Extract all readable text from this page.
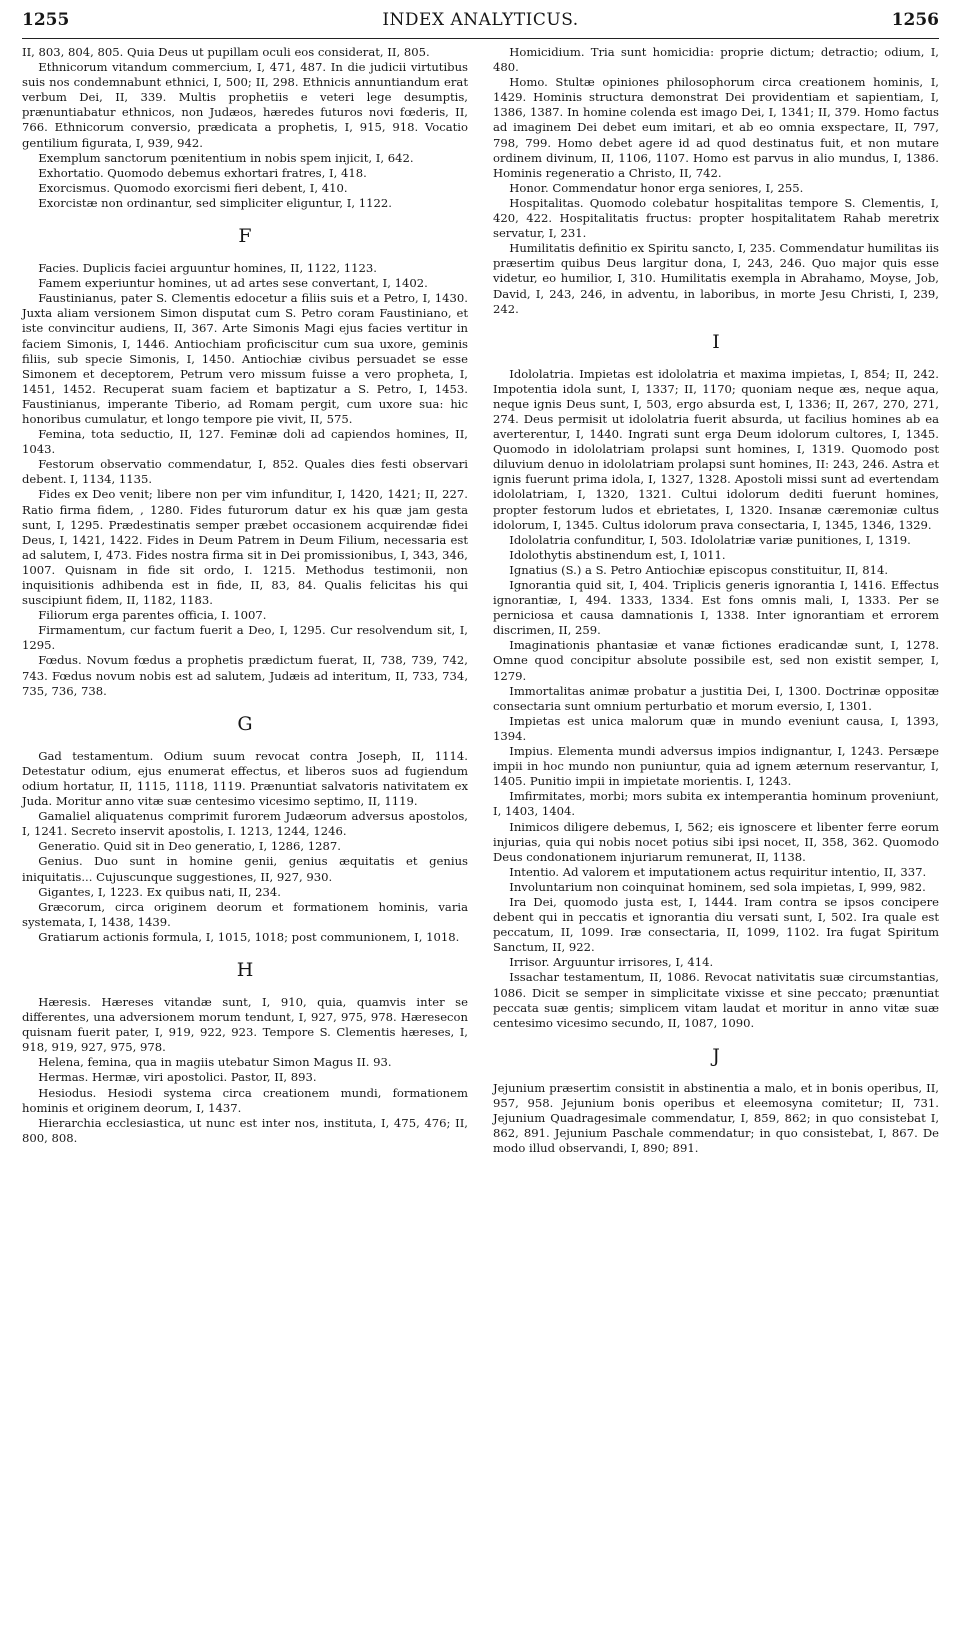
1255	INDEX ANALYTICUS.	1256

II, 803, 804, 805. Quia Deus ut pupillam oculi eos considerat, II, 805.

Ethnicorum vitandum commercium, I, 471, 487. In die judicii virtutibus suis nos condemnabunt ethnici, I, 500; II, 298. Ethnicis annuntiandum erat verbum Dei, II, 339. Multis prophetiis e veteri lege desumptis, prænuntiabatur ethnicos, non Judæos, hæredes futuros novi fœderis, II, 766. Ethnicorum conversio, prædicata a prophetis, I, 915, 918. Vocatio gentilium figurata, I, 939, 942.

Exemplum sanctorum pœnitentium in nobis spem injicit, I, 642.

Exhortatio. Quomodo debemus exhortari fratres, I, 418.

Exorcismus. Quomodo exorcismi fieri debent, I, 410.

Exorcistæ non ordinantur, sed simpliciter eliguntur, I, 1122.

F

Facies. Duplicis faciei arguuntur homines, II, 1122, 1123.

Famem experiuntur homines, ut ad artes sese convertant, I, 1402.

Faustinianus, pater S. Clementis edocetur a filiis suis et a Petro, I, 1430. Juxta aliam versionem Simon disputat cum S. Petro coram Faustiniano, et iste convincitur audiens, II, 367. Arte Simonis Magi ejus facies vertitur in faciem Simonis, I, 1446. Antiochiam proficiscitur cum sua uxore, geminis filiis, sub specie Simonis, I, 1450. Antiochiæ civibus persuadet se esse Simonem et deceptorem, Petrum vero missum fuisse a vero propheta, I, 1451, 1452. Recuperat suam faciem et baptizatur a S. Petro, I, 1453. Faustinianus, imperante Tiberio, ad Romam pergit, cum uxore sua: hic honoribus cumulatur, et longo tempore pie vivit, II, 575.

Femina, tota seductio, II, 127. Feminæ doli ad capiendos homines, II, 1043.

Festorum observatio commendatur, I, 852. Quales dies festi observari debent. I, 1134, 1135.

Fides ex Deo venit; libere non per vim infunditur, I, 1420, 1421; II, 227. Ratio firma fidem, , 1280. Fides futurorum datur ex his quæ jam gesta sunt, I, 1295. Prædestinatis semper præbet occasionem acquirendæ fidei Deus, I, 1421, 1422. Fides in Deum Patrem in Deum Filium, necessaria est ad salutem, I, 473. Fides nostra firma sit in Dei promissionibus, I, 343, 346, 1007. Quisnam in fide sit ordo, I. 1215. Methodus testimonii, non inquisitionis adhibenda est in fide, II, 83, 84. Qualis felicitas his qui suscipiunt fidem, II, 1182, 1183.

Filiorum erga parentes officia, I. 1007.

Firmamentum, cur factum fuerit a Deo, I, 1295. Cur resolvendum sit, I, 1295.

Fœdus. Novum fœdus a prophetis prædictum fuerat, II, 738, 739, 742, 743. Fœdus novum nobis est ad salutem, Judæis ad interitum, II, 733, 734, 735, 736, 738.

G

Gad testamentum. Odium suum revocat contra Joseph, II, 1114. Detestatur odium, ejus enumerat effectus, et liberos suos ad fugiendum odium hortatur, II, 1115, 1118, 1119. Prænuntiat salvatoris nativitatem ex Juda. Moritur anno vitæ suæ centesimo vicesimo septimo, II, 1119.

Gamaliel aliquatenus comprimit furorem Judæorum adversus apostolos, I, 1241. Secreto inservit apostolis, I. 1213, 1244, 1246.

Generatio. Quid sit in Deo generatio, I, 1286, 1287.

Genius. Duo sunt in homine genii, genius æquitatis et genius iniquitatis... Cujuscunque suggestiones, II, 927, 930.

Gigantes, I, 1223. Ex quibus nati, II, 234.

Græcorum, circa originem deorum et formationem hominis, varia systemata, I, 1438, 1439.

Gratiarum actionis formula, I, 1015, 1018; post communionem, I, 1018.

H

Hæresis. Hæreses vitandæ sunt, I, 910, quia, quamvis inter se differentes, una adversionem morum tendunt, I, 927, 975, 978. Hæresecon quisnam fuerit pater, I, 919, 922, 923. Tempore S. Clementis hæreses, I, 918, 919, 927, 975, 978.

Helena, femina, qua in magiis utebatur Simon Magus II. 93.

Hermas. Hermæ, viri apostolici. Pastor, II, 893.

Hesiodus. Hesiodi systema circa creationem mundi, formationem hominis et originem deorum, I, 1437.

Hierarchia ecclesiastica, ut nunc est inter nos, instituta, I, 475, 476; II, 800, 808.

Homicidium. Tria sunt homicidia: proprie dictum; detractio; odium, I, 480.

Homo. Stultæ opiniones philosophorum circa creationem hominis, I, 1429. Hominis structura demonstrat Dei providentiam et sapientiam, I, 1386, 1387. In homine colenda est imago Dei, I, 1341; II, 379. Homo factus ad imaginem Dei debet eum imitari, et ab eo omnia exspectare, II, 797, 798, 799. Homo debet agere id ad quod destinatus fuit, et non mutare ordinem divinum, II, 1106, 1107. Homo est parvus in alio mundus, I, 1386. Hominis regeneratio a Christo, II, 742.

Honor. Commendatur honor erga seniores, I, 255.

Hospitalitas. Quomodo colebatur hospitalitas tempore S. Clementis, I, 420, 422. Hospitalitatis fructus: propter hospitalitatem Rahab meretrix servatur, I, 231.

Humilitatis definitio ex Spiritu sancto, I, 235. Commendatur humilitas iis præsertim quibus Deus largitur dona, I, 243, 246. Quo major quis esse videtur, eo humilior, I, 310. Humilitatis exempla in Abrahamo, Moyse, Job, David, I, 243, 246, in adventu, in laboribus, in morte Jesu Christi, I, 239, 242.

I

Idololatria. Impietas est idololatria et maxima impietas, I, 854; II, 242. Impotentia idola sunt, I, 1337; II, 1170; quoniam neque æs, neque aqua, neque ignis Deus sunt, I, 503, ergo absurda est, I, 1336; II, 267, 270, 271, 274. Deus permisit ut idololatria fuerit absurda, ut facilius homines ab ea averterentur, I, 1440. Ingrati sunt erga Deum idolorum cultores, I, 1345. Quomodo in idololatriam prolapsi sunt homines, I, 1319. Quomodo post diluvium denuo in idololatriam prolapsi sunt homines, II: 243, 246. Astra et ignis fuerunt prima idola, I, 1327, 1328. Apostoli missi sunt ad evertendam idololatriam, I, 1320, 1321. Cultui idolorum dediti fuerunt homines, propter festorum ludos et ebrietates, I, 1320. Insanæ cæremoniæ cultus idolorum, I, 1345. Cultus idolorum prava consectaria, I, 1345, 1346, 1329.

Idololatria confunditur, I, 503. Idololatriæ variæ punitiones, I, 1319.

Idolothytis abstinendum est, I, 1011.

Ignatius (S.) a S. Petro Antiochiæ episcopus constituitur, II, 814.

Ignorantia quid sit, I, 404. Triplicis generis ignorantia I, 1416. Effectus ignorantiæ, I, 494. 1333, 1334. Est fons omnis mali, I, 1333. Per se perniciosa et causa damnationis I, 1338. Inter ignorantiam et errorem discrimen, II, 259.

Imaginationis phantasiæ et vanæ fictiones eradicandæ sunt, I, 1278. Omne quod concipitur absolute possibile est, sed non existit semper, I, 1279.

Immortalitas animæ probatur a justitia Dei, I, 1300. Doctrinæ oppositæ consectaria sunt omnium perturbatio et morum eversio, I, 1301.

Impietas est unica malorum quæ in mundo eveniunt causa, I, 1393, 1394.

Impius. Elementa mundi adversus impios indignantur, I, 1243. Persæpe impii in hoc mundo non puniuntur, quia ad ignem æternum reservantur, I, 1405. Punitio impii in impietate morientis. I, 1243.

Imfirmitates, morbi; mors subita ex intemperantia hominum proveniunt, I, 1403, 1404.

Inimicos diligere debemus, I, 562; eis ignoscere et libenter ferre eorum injurias, quia qui nobis nocet potius sibi ipsi nocet, II, 358, 362. Quomodo Deus condonationem injuriarum remunerat, II, 1138.

Intentio. Ad valorem et imputationem actus requiritur intentio, II, 337.

Involuntarium non coinquinat hominem, sed sola impietas, I, 999, 982.

Ira Dei, quomodo justa est, I, 1444. Iram contra se ipsos concipere debent qui in peccatis et ignorantia diu versati sunt, I, 502. Ira quale est peccatum, II, 1099. Iræ consectaria, II, 1099, 1102. Ira fugat Spiritum Sanctum, II, 922.

Irrisor. Arguuntur irrisores, I, 414.

Issachar testamentum, II, 1086. Revocat nativitatis suæ circumstantias, 1086. Dicit se semper in simplicitate vixisse et sine peccato; prænuntiat peccata suæ gentis; simplicem vitam laudat et moritur in anno vitæ suæ centesimo vicesimo secundo, II, 1087, 1090.

J

Jejunium præsertim consistit in abstinentia a malo, et in bonis operibus, II, 957, 958. Jejunium bonis operibus et eleemosyna comitetur; II, 731. Jejunium Quadragesimale commendatur, I, 859, 862; in quo consistebat I, 862, 891. Jejunium Paschale commendatur; in quo consistebat, I, 867. De modo illud observandi, I, 890; 891.
